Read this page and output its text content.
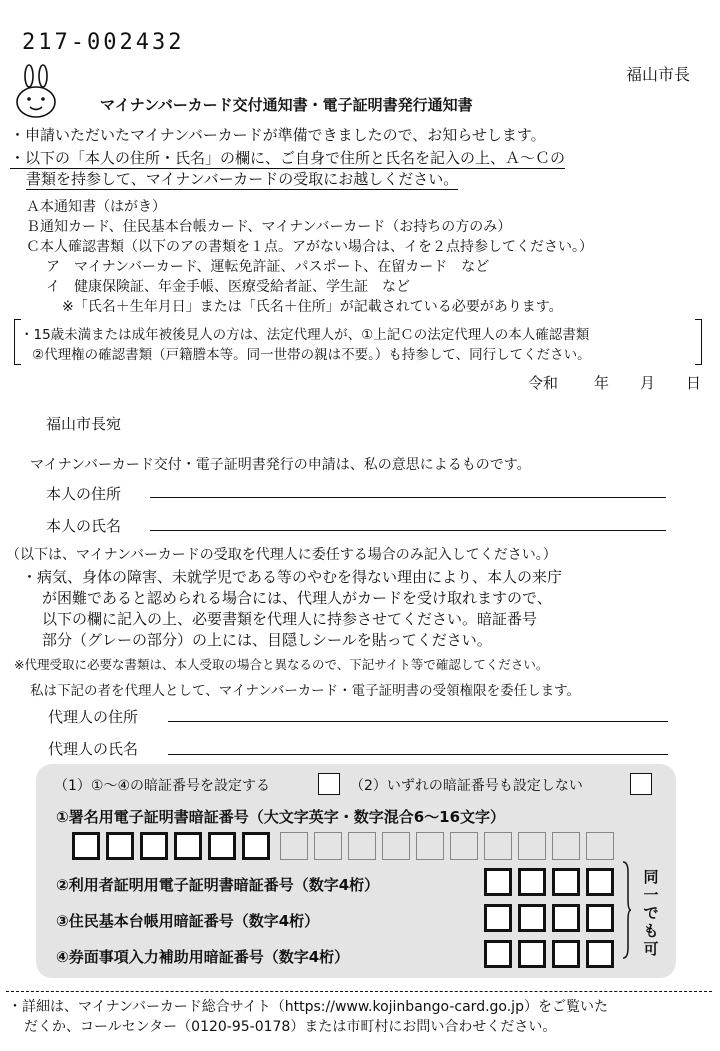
217-002432
福山市長
マイナンバーカード交付通知書・電子証明書発行通知書
・申請いただいたマイナンバーカードが準備できましたので、お知らせします。
・以下の「本人の住所・氏名」の欄に、ご自身で住所と氏名を記入の上、Ａ～Ｃの
書類を持参して、マイナンバーカードの受取にお越しください。
Ａ本通知書（はがき）
Ｂ通知カード、住民基本台帳カード、マイナンバーカード（お持ちの方のみ）
Ｃ本人確認書類（以下のアの書類を１点。アがない場合は、イを２点持参してください。）
ア　マイナンバーカード、運転免許証、パスポート、在留カード　など
イ　健康保険証、年金手帳、医療受給者証、学生証　など
※「氏名＋生年月日」または「氏名＋住所」が記載されている必要があります。
・15歳未満または成年被後見人の方は、法定代理人が、①上記Ｃの法定代理人の本人確認書類
②代理権の確認書類（戸籍謄本等。同一世帯の親は不要。）も持参して、同行してください。
令和 年 月 日
福山市長宛
マイナンバーカード交付・電子証明書発行の申請は、私の意思によるものです。
本人の住所
本人の氏名
（以下は、マイナンバーカードの受取を代理人に委任する場合のみ記入してください。）
・病気、身体の障害、未就学児である等のやむを得ない理由により、本人の来庁
が困難であると認められる場合には、代理人がカードを受け取れますので、
以下の欄に記入の上、必要書類を代理人に持参させてください。暗証番号
部分（グレーの部分）の上には、目隠しシールを貼ってください。
※代理受取に必要な書類は、本人受取の場合と異なるので、下記サイト等で確認してください。
私は下記の者を代理人として、マイナンバーカード・電子証明書の受領権限を委任します。
代理人の住所
代理人の氏名
（1）①～④の暗証番号を設定する	（2）いずれの暗証番号も設定しない
①署名用電子証明書暗証番号（大文字英字・数字混合6～16文字）
②利用者証明用電子証明書暗証番号（数字4桁）
③住民基本台帳用暗証番号（数字4桁）
④券面事項入力補助用暗証番号（数字4桁）
同一でも可
・詳細は、マイナンバーカード総合サイト（https://www.kojinbango-card.go.jp）をご覧いた
だくか、コールセンター（0120-95-0178）または市町村にお問い合わせください。
